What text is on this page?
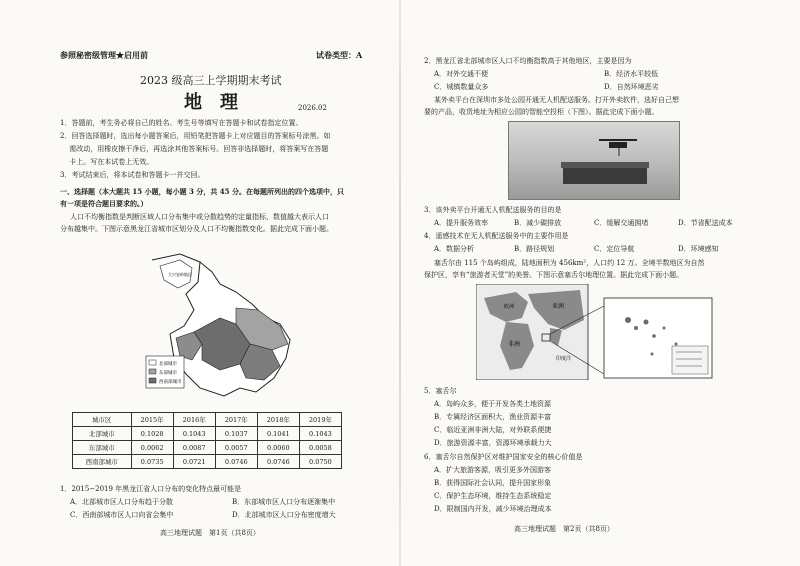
参照秘密级管理★启用前	试卷类型：A
2023 级高三上学期期末考试
地　理	2026.02
1．答题前，考生务必将自己的姓名、考生号等填写在答题卡和试卷指定位置。
2．回答选择题时，选出每小题答案后，用铅笔把答题卡上对应题目的答案标号涂黑。如
　 需改动，用橡皮擦干净后，再选涂其他答案标号。回答非选择题时，将答案写在答题
　 卡上。写在本试卷上无效。
3．考试结束后，将本试卷和答题卡一并交回。
一、选择题（本大题共 15 小题，每小题 3 分，共 45 分。在每题所列出的四个选项中，只
有一项是符合题目要求的。）
人口不均衡指数是判断区域人口分布集中或分散趋势的定量指标，数值越大表示人口
分布越集中。下图示意黑龙江省城市区划分及人口不均衡指数变化。据此完成下面小题。
北部城市
东部城市
西南部城市
大兴安岭地区
城市区	2015年	2016年	2017年	2018年	2019年
北部城市	0.1028	0.1043	0.1037	0.1041	0.1043
东部城市	0.0062	0.0087	0.0057	0.0060	0.0058
西南部城市	0.0735	0.0721	0.0746	0.0746	0.0750
1．2015−2019 年黑龙江省人口分布的变化特点最可能是
A．北部城市区人口分布趋于分散	B．东部城市区人口分布逐渐集中
C．西南部城市区人口向省会集中	D．北部城市区人口分布密度增大
高三地理试题　第1页（共8页）
2．黑龙江省北部城市区人口不均衡指数高于其他地区，主要是因为
A．对外交通不便	B．经济水平较低
C．城镇数量众多	D．自然环境恶劣
某外卖平台在深圳市多处公园开通无人机配送服务。打开外卖软件，选好自己想
要的产品，收货地址为相应公园的智能空投柜（下图）。据此完成下面小题。
3．该外卖平台开通无人机配送服务的目的是
A．提升服务效率	B．减少碳排放	C．缓解交通拥堵	D．节省配送成本
4．遥感技术在无人机配送服务中的主要作用是
A．数据分析	B．路径规划	C．定位导航	D．环境感知
塞舌尔由 115 个岛屿组成，陆地面积为 456km²，人口约 12 万。全境半数地区为自然
保护区，享有“旅游者天堂”的美誉。下图示意塞舌尔地理位置。据此完成下面小题。
欧洲	亚洲
非洲
印度洋
5．塞舌尔
A．岛屿众多，便于开发各类土地资源
B．专属经济区面积大，渔业资源丰富
C．临近亚洲非洲大陆，对外联系便捷
D．旅游资源丰富，资源环境承载力大
6．塞舌尔自然保护区对维护国家安全的核心价值是
A．扩大旅游客源，吸引更多外国游客
B．获得国际社会认同，提升国家形象
C．保护生态环境，维持生态系统稳定
D．限制国内开发，减少环境治理成本
高三地理试题　第2页（共8页）
